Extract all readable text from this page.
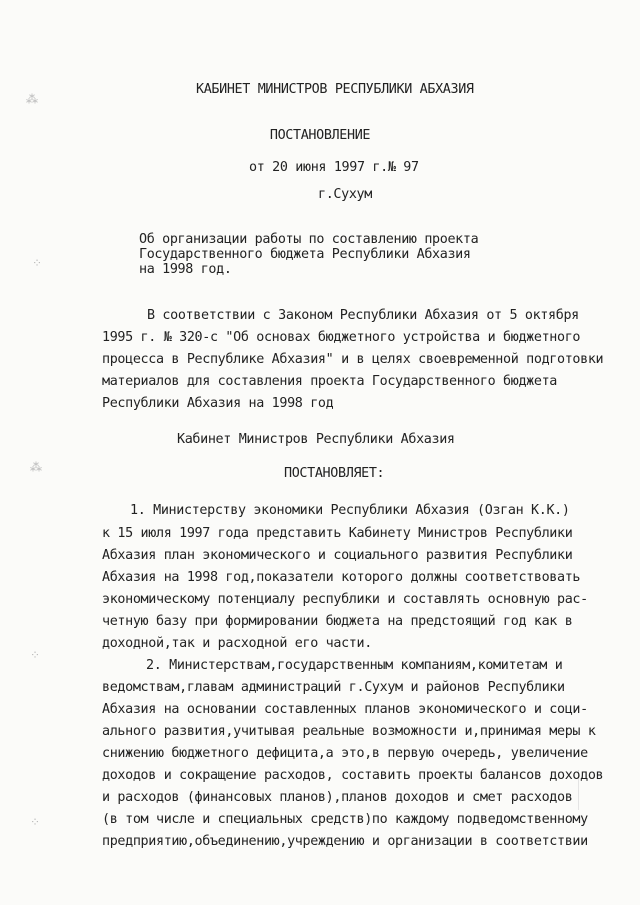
⁂
⁘
⁂
⁘
⁘
КАБИНЕТ МИНИСТРОВ РЕСПУБЛИКИ АБХАЗИЯ
ПОСТАНОВЛЕНИЕ
от 20 июня 1997 г.№ 97
г.Сухум
Об организации работы по составлению проекта
Государственного бюджета Республики Абхазия
на 1998 год.
В соответствии с Законом Республики Абхазия от 5 октября
1995 г. № 320-с "Об основах бюджетного устройства и бюджетного
процесса в Республике Абхазия" и в целях своевременной подготовки
материалов для составления проекта Государственного бюджета
Республики Абхазия на 1998 год
Кабинет Министров Республики Абхазия
ПОСТАНОВЛЯЕТ:
1. Министерству экономики Республики Абхазия (Озган К.К.)
к 15 июля 1997 года представить Кабинету Министров Республики
Абхазия план экономического и социального развития Республики
Абхазия на 1998 год,показатели которого должны соответствовать
экономическому потенциалу республики и составлять основную рас-
четную базу при формировании бюджета на предстоящий год как в
доходной,так и расходной его части.
2. Министерствам,государственным компаниям,комитетам и
ведомствам,главам администраций г.Сухум и районов Республики
Абхазия на основании составленных планов экономического и соци-
ального развития,учитывая реальные возможности и,принимая меры к
снижению бюджетного дефицита,а это,в первую очередь, увеличение
доходов и сокращение расходов, составить проекты балансов доходов
и расходов (финансовых планов),планов доходов и смет расходов
(в том числе и специальных средств)по каждому подведомственному
предприятию,объединению,учреждению и организации в соответствии
